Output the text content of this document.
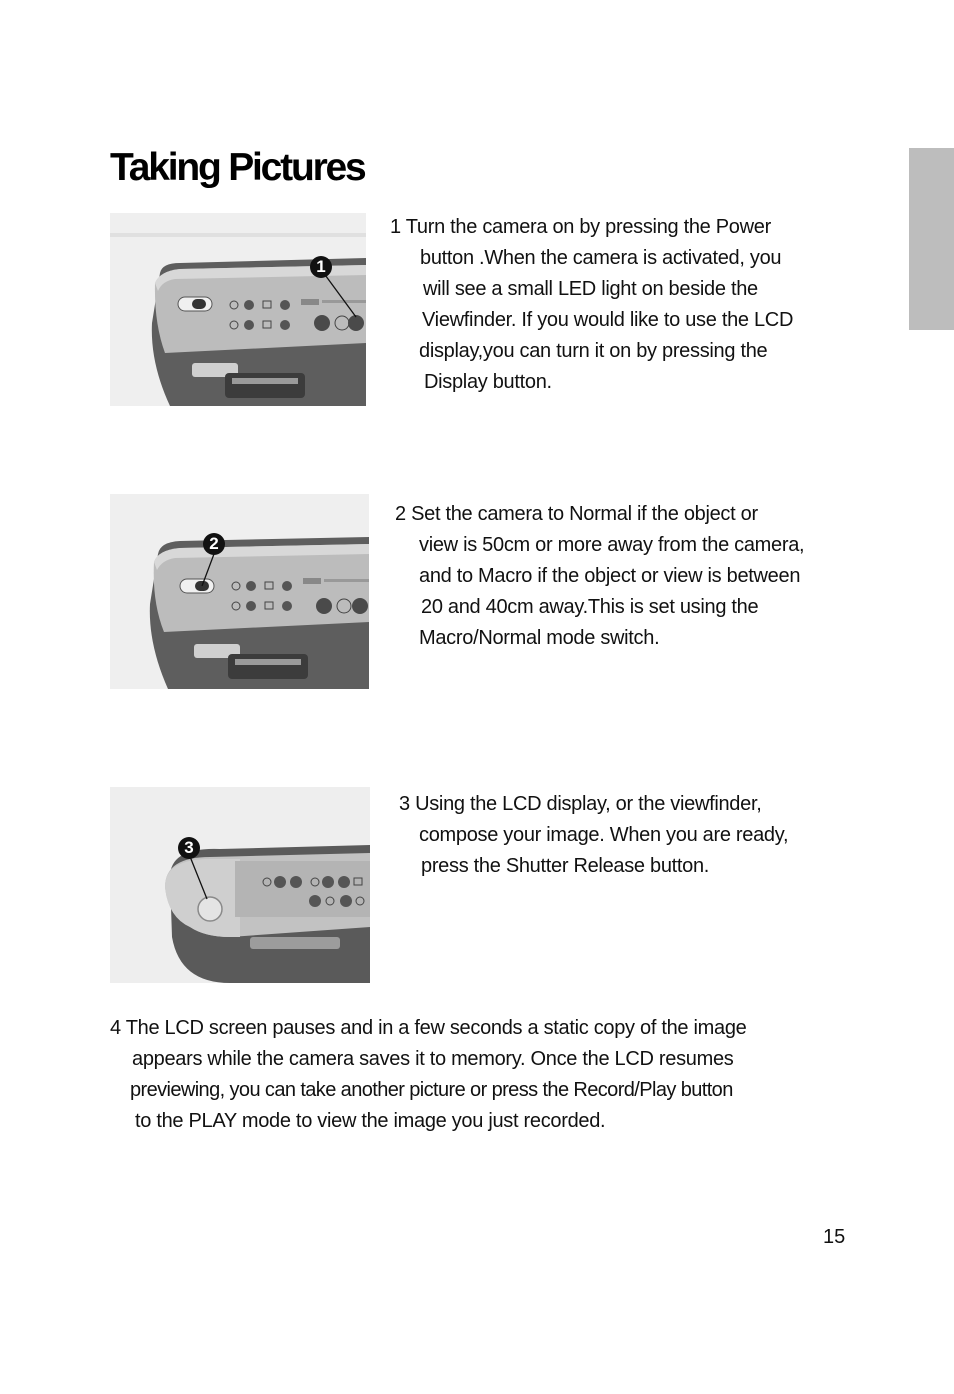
Taking Pictures
1
2
3
1 Turn the camera on by pressing the Power
button .When the camera is activated, you
will see a small LED light on beside the
Viewfinder. If you would like to use the LCD
display,you can turn it on by pressing the
Display button.
2 Set the camera to Normal if the object or
view is 50cm or more away from the camera,
and to Macro if the object or view is between
20 and 40cm away.This is set using the
Macro/Normal mode switch.
3 Using the LCD display, or the viewfinder,
compose your image. When you are ready,
press the Shutter Release button.
4 The LCD screen pauses and in a few seconds a static copy of the image
appears while the camera saves it to memory. Once the LCD resumes
previewing, you can take another picture or press the Record/Play button
to the PLAY mode to view the image you just recorded.
15
